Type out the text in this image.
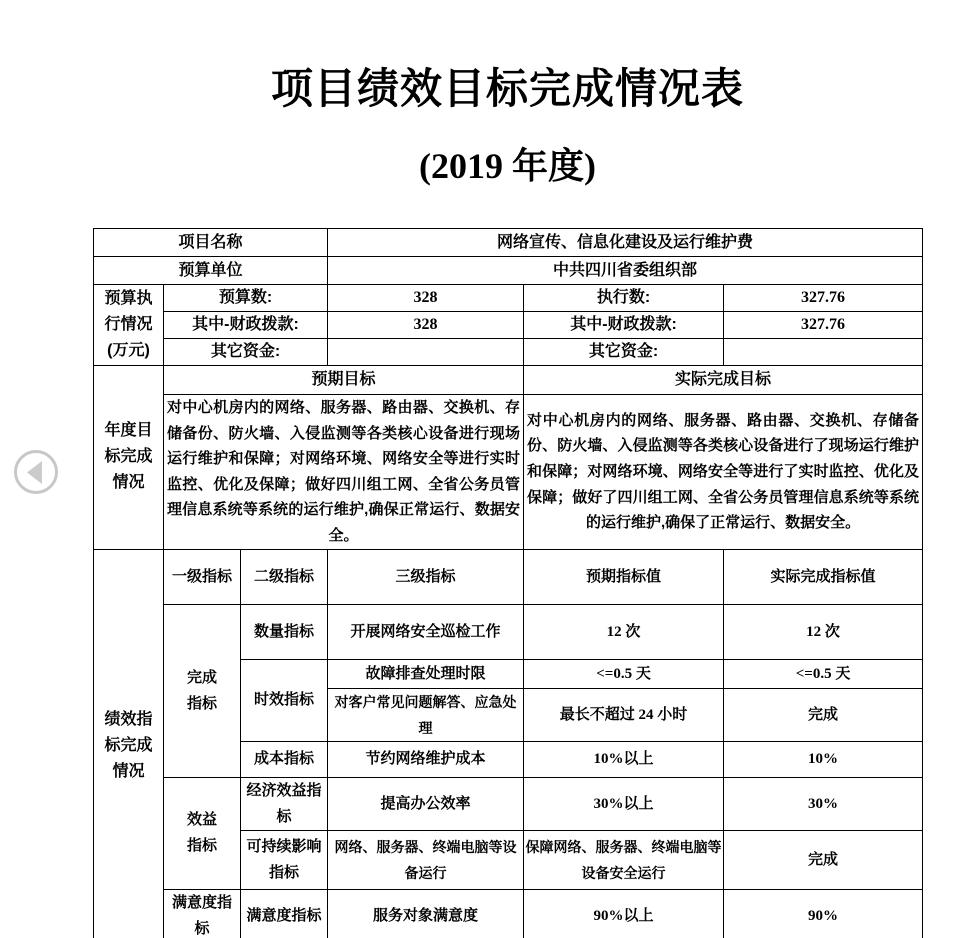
项目绩效目标完成情况表
(2019 年度)
项目名称			网络宣传、信息化建设及运行维护费		
预算单位			中共四川省委组织部		
预算执行情况(万元)	预算数:		328	执行数:	327.76
	其中-财政拨款:		328	其中-财政拨款:	327.76
	其它资金:			其它资金:	
年度目标完成情况	预期目标			实际完成目标	
	对中心机房内的网络、服务器、路由器、交换机、存储备份、防火墙、入侵监测等各类核心设备进行现场运行维护和保障；对网络环境、网络安全等进行实时监控、优化及保障；做好四川组工网、全省公务员管理信息系统等系统的运行维护,确保正常运行、数据安全。			对中心机房内的网络、服务器、路由器、交换机、存储备份、防火墙、入侵监测等各类核心设备进行了现场运行维护和保障；对网络环境、网络安全等进行了实时监控、优化及保障；做好了四川组工网、全省公务员管理信息系统等系统的运行维护,确保了正常运行、数据安全。	
绩效指标完成情况	一级指标	二级指标	三级指标	预期指标值	实际完成指标值
	完成指标	数量指标	开展网络安全巡检工作	12 次	12 次
		时效指标	故障排查处理时限	<=0.5 天	<=0.5 天
			对客户常见问题解答、应急处理	最长不超过 24 小时	完成
		成本指标	节约网络维护成本	10%以上	10%
	效益指标	经济效益指标	提高办公效率	30%以上	30%
		可持续影响指标	网络、服务器、终端电脑等设备运行	保障网络、服务器、终端电脑等设备安全运行	完成
	满意度指标	满意度指标	服务对象满意度	90%以上	90%
